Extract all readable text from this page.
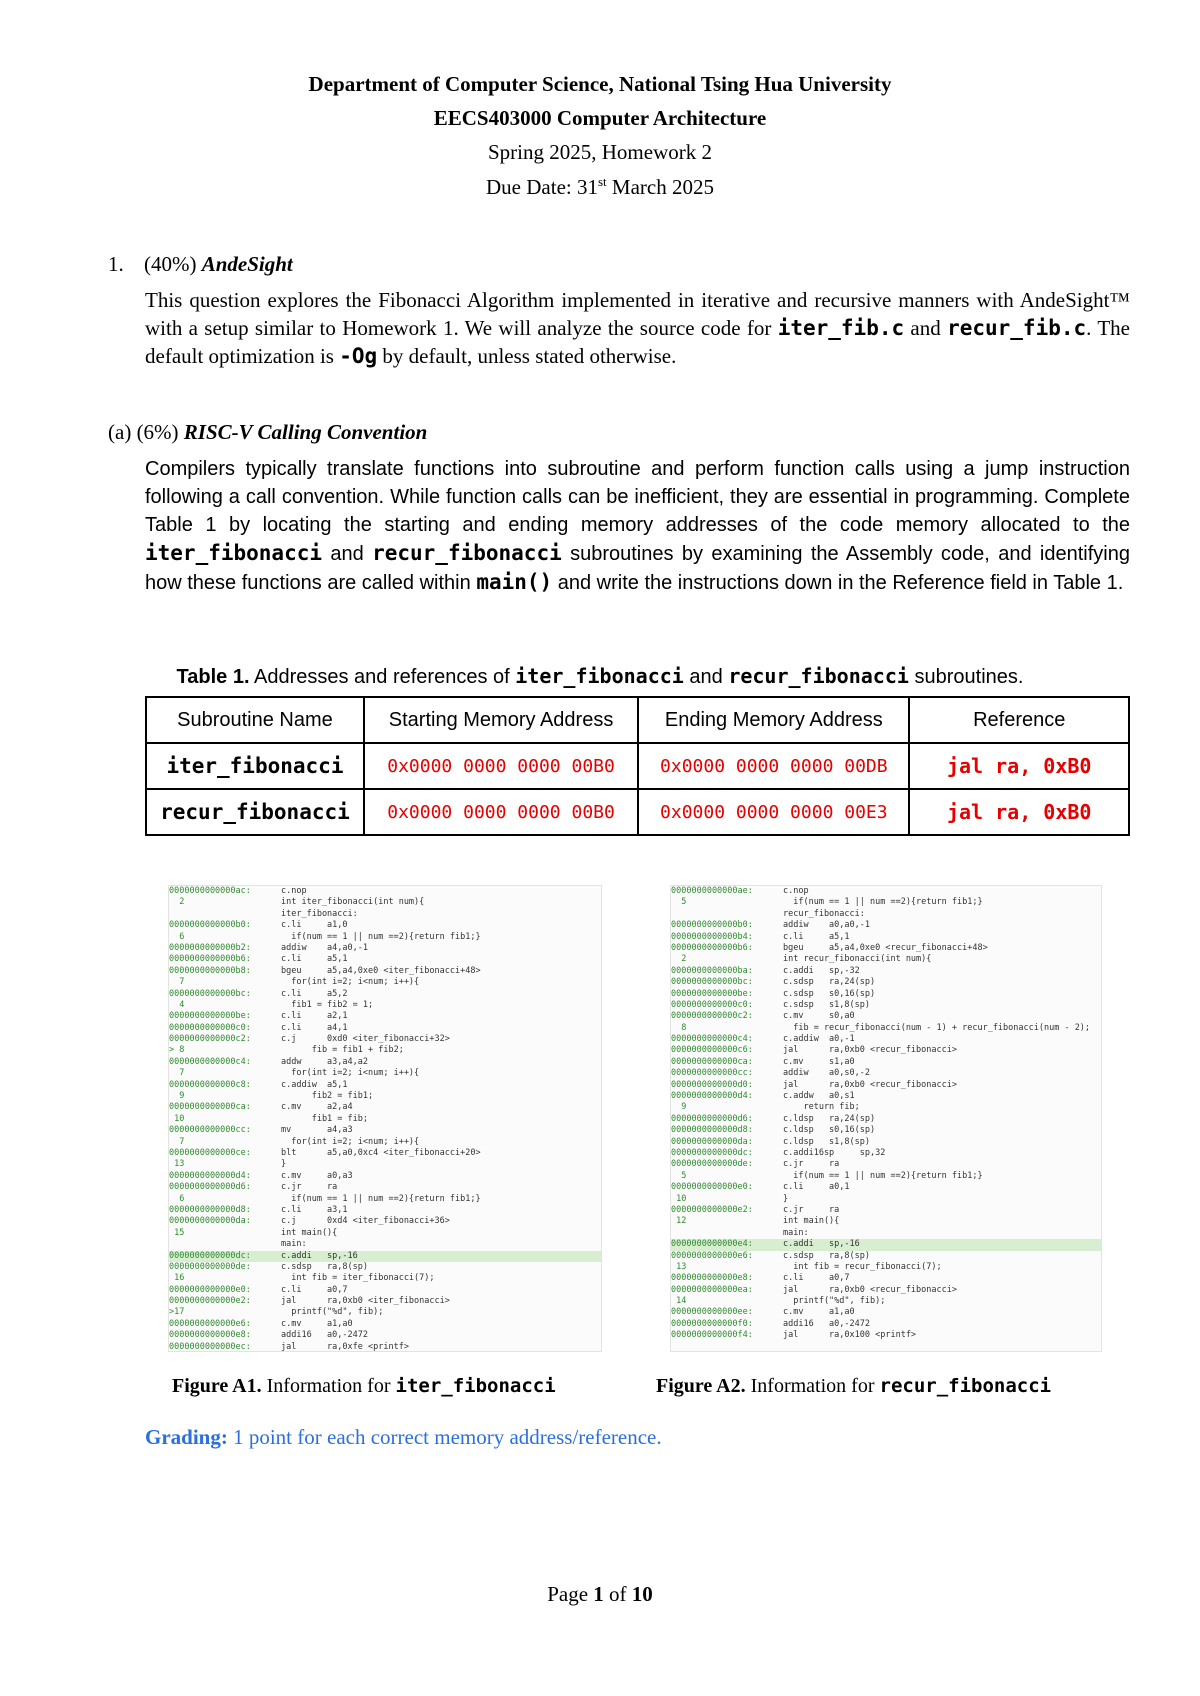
Department of Computer Science, National Tsing Hua University
EECS403000 Computer Architecture
Spring 2025, Homework 2
Due Date: 31st March 2025
1. (40%) AndeSight
This question explores the Fibonacci Algorithm implemented in iterative and recursive manners with AndeSight™ with a setup similar to Homework 1. We will analyze the source code for iter_fib.c and recur_fib.c. The default optimization is -Og by default, unless stated otherwise.
(a) (6%) RISC-V Calling Convention
Compilers typically translate functions into subroutine and perform function calls using a jump instruction following a call convention. While function calls can be inefficient, they are essential in programming. Complete Table 1 by locating the starting and ending memory addresses of the code memory allocated to the iter_fibonacci and recur_fibonacci subroutines by examining the Assembly code, and identifying how these functions are called within main() and write the instructions down in the Reference field in Table 1.
Table 1. Addresses and references of iter_fibonacci and recur_fibonacci subroutines.
Subroutine Name	Starting Memory Address	Ending Memory Address	Reference
iter_fibonacci	0x0000 0000 0000 00B0	0x0000 0000 0000 00DB	jal ra, 0xB0
recur_fibonacci	0x0000 0000 0000 00B0	0x0000 0000 0000 00E3	jal ra, 0xB0
0000000000000ac:	c.nop
2	int iter_fibonacci(int num){
iter_fibonacci:
0000000000000b0:	c.li     a1,0
6	if(num == 1 || num ==2){return fib1;}
0000000000000b2:	addiw    a4,a0,-1
0000000000000b6:	c.li     a5,1
0000000000000b8:	bgeu     a5,a4,0xe0 <iter_fibonacci+48>
7	for(int i=2; i<num; i++){
0000000000000bc:	c.li     a5,2
4	fib1 = fib2 = 1;
0000000000000be:	c.li     a2,1
0000000000000c0:	c.li     a4,1
0000000000000c2:	c.j      0xd0 <iter_fibonacci+32>
> 8	fib = fib1 + fib2;
0000000000000c4:	addw     a3,a4,a2
7	for(int i=2; i<num; i++){
0000000000000c8:	c.addiw  a5,1
9	fib2 = fib1;
0000000000000ca:	c.mv     a2,a4
10	fib1 = fib;
0000000000000cc:	mv       a4,a3
7	for(int i=2; i<num; i++){
0000000000000ce:	blt      a5,a0,0xc4 <iter_fibonacci+20>
13	}
0000000000000d4:	c.mv     a0,a3
0000000000000d6:	c.jr     ra
6	if(num == 1 || num ==2){return fib1;}
0000000000000d8:	c.li     a3,1
0000000000000da:	c.j      0xd4 <iter_fibonacci+36>
15	int main(){
main:
0000000000000dc:	c.addi   sp,-16
0000000000000de:	c.sdsp   ra,8(sp)
16	int fib = iter_fibonacci(7);
0000000000000e0:	c.li     a0,7
0000000000000e2:	jal      ra,0xb0 <iter_fibonacci>
>17	printf("%d", fib);
0000000000000e6:	c.mv     a1,a0
0000000000000e8:	addi16   a0,-2472
0000000000000ec:	jal      ra,0xfe <printf>
0000000000000ae:	c.nop
5	if(num == 1 || num ==2){return fib1;}
recur_fibonacci:
0000000000000b0:	addiw    a0,a0,-1
0000000000000b4:	c.li     a5,1
0000000000000b6:	bgeu     a5,a4,0xe0 <recur_fibonacci+48>
2	int recur_fibonacci(int num){
0000000000000ba:	c.addi   sp,-32
0000000000000bc:	c.sdsp   ra,24(sp)
0000000000000be:	c.sdsp   s0,16(sp)
0000000000000c0:	c.sdsp   s1,8(sp)
0000000000000c2:	c.mv     s0,a0
8	fib = recur_fibonacci(num - 1) + recur_fibonacci(num - 2);
0000000000000c4:	c.addiw  a0,-1
0000000000000c6:	jal      ra,0xb0 <recur_fibonacci>
0000000000000ca:	c.mv     s1,a0
0000000000000cc:	addiw    a0,s0,-2
0000000000000d0:	jal      ra,0xb0 <recur_fibonacci>
0000000000000d4:	c.addw   a0,s1
9	return fib;
0000000000000d6:	c.ldsp   ra,24(sp)
0000000000000d8:	c.ldsp   s0,16(sp)
0000000000000da:	c.ldsp   s1,8(sp)
0000000000000dc:	c.addi16sp     sp,32
0000000000000de:	c.jr     ra
5	if(num == 1 || num ==2){return fib1;}
0000000000000e0:	c.li     a0,1
10	}
0000000000000e2:	c.jr     ra
12	int main(){
main:
0000000000000e4:	c.addi   sp,-16
0000000000000e6:	c.sdsp   ra,8(sp)
13	int fib = recur_fibonacci(7);
0000000000000e8:	c.li     a0,7
0000000000000ea:	jal      ra,0xb0 <recur_fibonacci>
14	printf("%d", fib);
0000000000000ee:	c.mv     a1,a0
0000000000000f0:	addi16   a0,-2472
0000000000000f4:	jal      ra,0x100 <printf>
Figure A1. Information for iter_fibonacci	Figure A2. Information for recur_fibonacci
Grading: 1 point for each correct memory address/reference.
Page 1 of 10
